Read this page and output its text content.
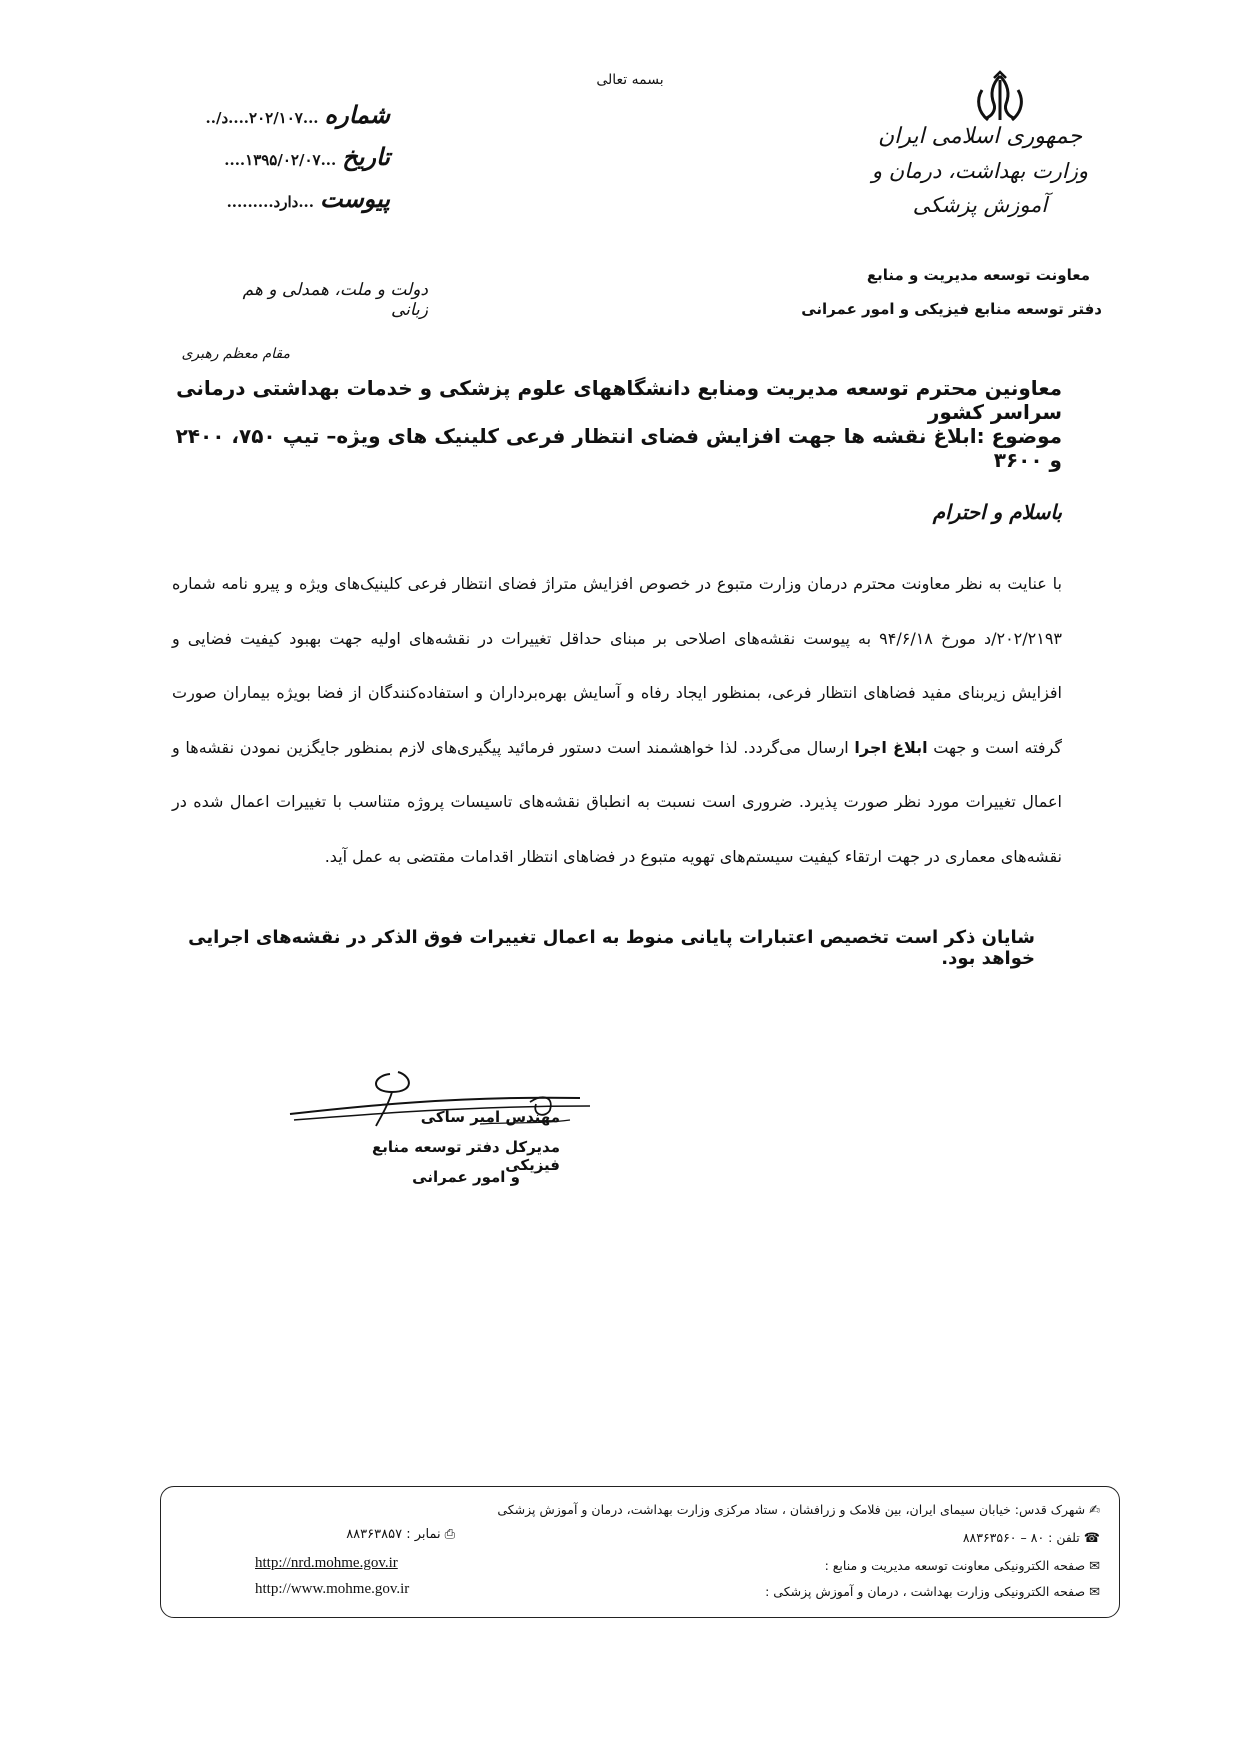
بسمه تعالی
جمهوری اسلامی ایران
وزارت بهداشت، درمان و آموزش پزشکی
معاونت توسعه مدیریت و منابع
دفتر توسعه منابع فیزیکی و امور عمرانی
شماره
...۲۰۲/۱۰۷....د/..
تاریخ
...۱۳۹۵/۰۲/۰۷....
پیوست
...دارد.........
دولت و ملت، همدلی و هم زبانی
مقام معظم رهبری
معاونین محترم توسعه مدیریت ومنابع دانشگاههای علوم پزشکی و خدمات بهداشتی درمانی سراسر کشور
موضوع :ابلاغ نقشه ها جهت افزایش فضای انتظار فرعی کلینیک های ویژه– تیپ ۷۵۰، ۲۴۰۰ و ۳۶۰۰
باسلام و احترام
با عنایت به نظر معاونت محترم درمان وزارت متبوع در خصوص افزایش متراژ فضای انتظار فرعی کلینیک‌های ویژه و پیرو نامه شماره ۲۰۲/۲۱۹۳/د مورخ ۹۴/۶/۱۸ به پیوست نقشه‌های اصلاحی بر مبنای حداقل تغییرات در نقشه‌های اولیه جهت بهبود کیفیت فضایی و افزایش زیربنای مفید فضاهای انتظار فرعی، بمنظور ایجاد رفاه و آسایش بهره‌برداران و استفاده‌کنندگان از فضا بویژه بیماران صورت گرفته است و جهت ابلاغ اجرا ارسال می‌گردد. لذا خواهشمند است دستور فرمائید پیگیری‌های لازم بمنظور جایگزین نمودن نقشه‌ها و اعمال تغییرات مورد نظر صورت پذیرد. ضروری است نسبت به انطباق نقشه‌های تاسیسات پروژه متناسب با تغییرات اعمال شده در نقشه‌های معماری در جهت ارتقاء کیفیت سیستم‌های تهویه متبوع در فضاهای انتظار اقدامات مقتضی به عمل آید.
شایان ذکر است تخصیص اعتبارات پایانی منوط به اعمال تغییرات فوق الذکر در نقشه‌های اجرایی خواهد بود.
مهندس امیر ساکی
مدیرکل دفتر توسعه منابع فیزیکی
و امور عمرانی
✍شهرک قدس: خیابان سیمای ایران، بین فلامک و زرافشان ، ستاد مرکزی وزارت بهداشت، درمان و آموزش پزشکی
☎تلفن : ۸۰ – ۸۸۳۶۳۵۶۰
✉صفحه الکترونیکی معاونت توسعه مدیریت و منابع :
✉صفحه الکترونیکی وزارت بهداشت ، درمان و آموزش پزشکی :
⎙نمابر : ۸۸۳۶۳۸۵۷
http://nrd.mohme.gov.ir
http://www.mohme.gov.ir
